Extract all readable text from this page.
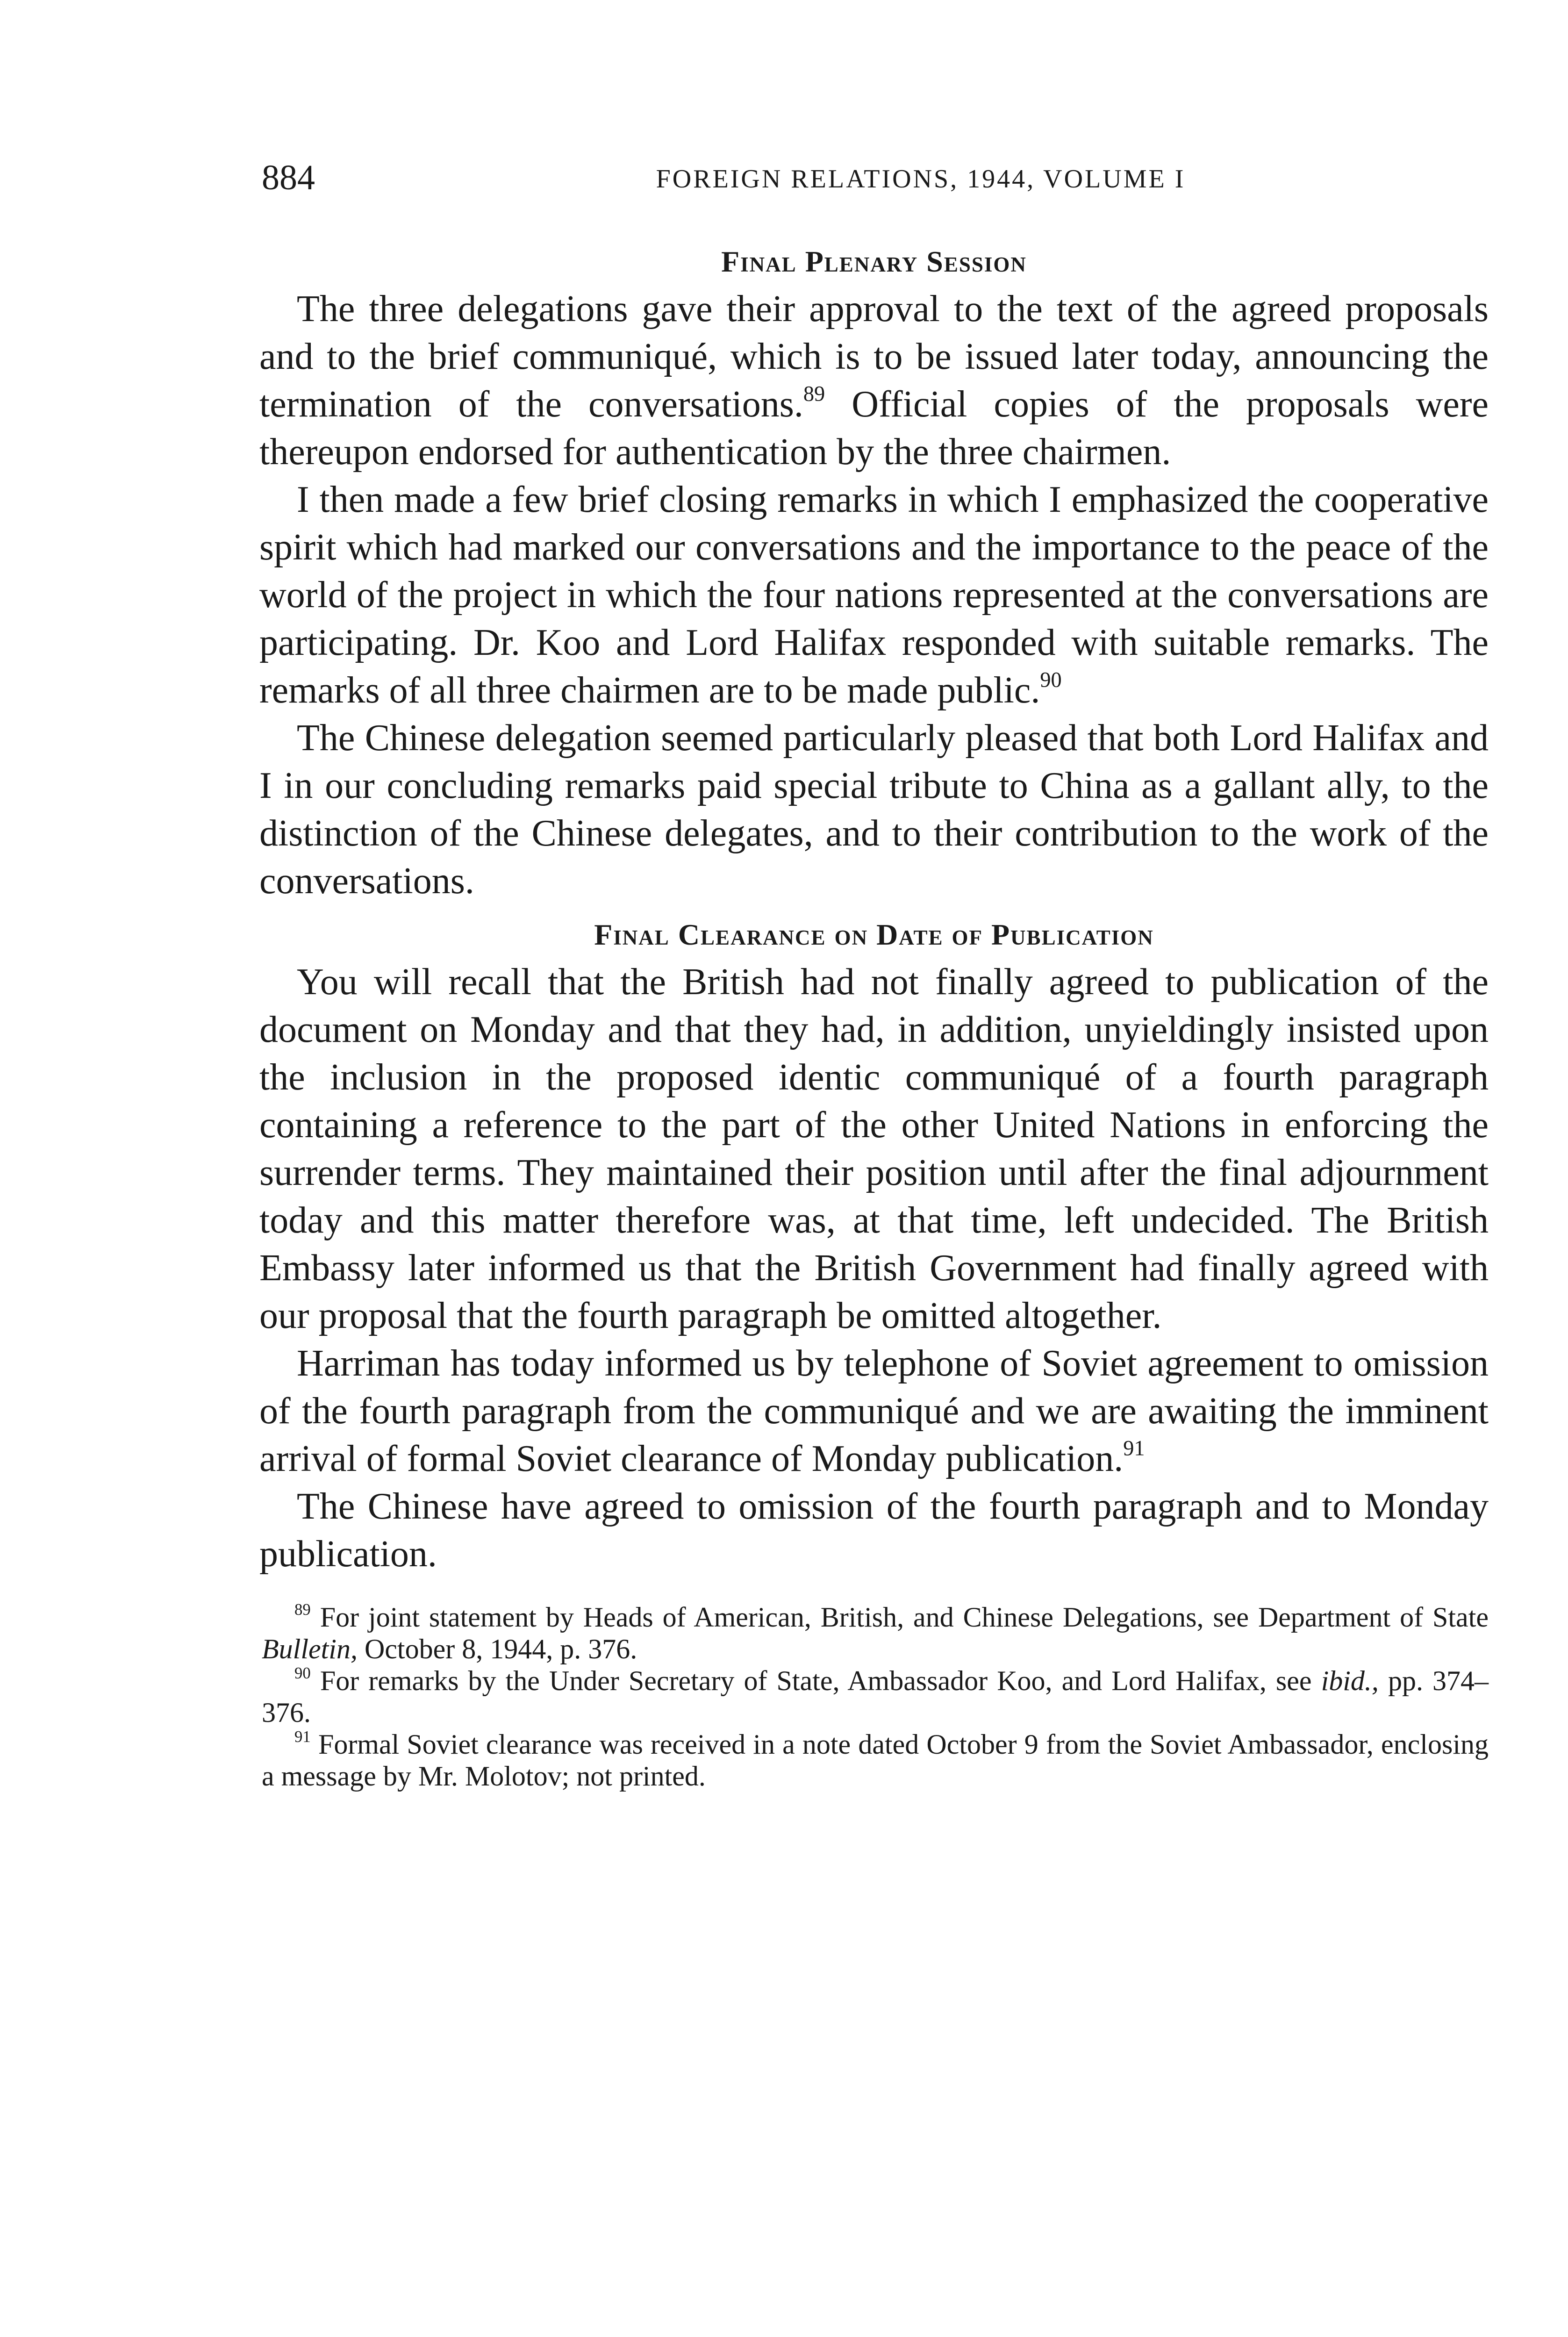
884	FOREIGN RELATIONS, 1944, VOLUME I
Final Plenary Session

The three delegations gave their approval to the text of the agreed proposals and to the brief communiqué, which is to be issued later today, announcing the termination of the conversations.$^{89}$ Official copies of the proposals were thereupon endorsed for authentication by the three chairmen.

I then made a few brief closing remarks in which I emphasized the cooperative spirit which had marked our conversations and the importance to the peace of the world of the project in which the four nations represented at the conversations are participating. Dr. Koo and Lord Halifax responded with suitable remarks. The remarks of all three chairmen are to be made public.$^{90}$

The Chinese delegation seemed particularly pleased that both Lord Halifax and I in our concluding remarks paid special tribute to China as a gallant ally, to the distinction of the Chinese delegates, and to their contribution to the work of the conversations.

Final Clearance on Date of Publication

You will recall that the British had not finally agreed to publication of the document on Monday and that they had, in addition, unyieldingly insisted upon the inclusion in the proposed identic communiqué of a fourth paragraph containing a reference to the part of the other United Nations in enforcing the surrender terms. They maintained their position until after the final adjournment today and this matter therefore was, at that time, left undecided. The British Embassy later informed us that the British Government had finally agreed with our proposal that the fourth paragraph be omitted altogether.

Harriman has today informed us by telephone of Soviet agreement to omission of the fourth paragraph from the communiqué and we are awaiting the imminent arrival of formal Soviet clearance of Monday publication.$^{91}$

The Chinese have agreed to omission of the fourth paragraph and to Monday publication.

$^{89}$ For joint statement by Heads of American, British, and Chinese Delegations, see Department of State Bulletin, October 8, 1944, p. 376.

$^{90}$ For remarks by the Under Secretary of State, Ambassador Koo, and Lord Halifax, see ibid., pp. 374–376.

$^{91}$ Formal Soviet clearance was received in a note dated October 9 from the Soviet Ambassador, enclosing a message by Mr. Molotov; not printed.
